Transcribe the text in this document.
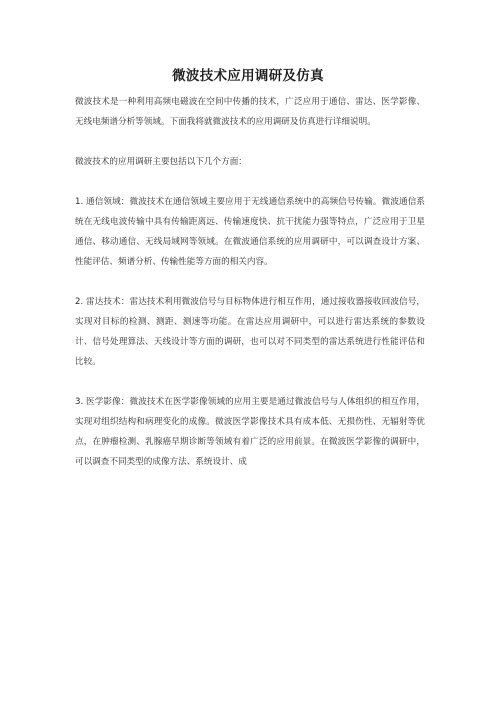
微波技术应用调研及仿真

微波技术是一种利用高频电磁波在空间中传播的技术，广泛应用于通信、雷达、医学影像、无线电频谱分析等领域。下面我将就微波技术的应用调研及仿真进行详细说明。

微波技术的应用调研主要包括以下几个方面：

1. 通信领域：微波技术在通信领域主要应用于无线通信系统中的高频信号传输。微波通信系统在无线电波传输中具有传输距离远、传输速度快、抗干扰能力强等特点，广泛应用于卫星通信、移动通信、无线局域网等领域。在微波通信系统的应用调研中，可以调查设计方案、性能评估、频谱分析、传输性能等方面的相关内容。

2. 雷达技术：雷达技术利用微波信号与目标物体进行相互作用，通过接收器接收回波信号，实现对目标的检测、测距、测速等功能。在雷达应用调研中，可以进行雷达系统的参数设计、信号处理算法、天线设计等方面的调研，也可以对不同类型的雷达系统进行性能评估和比较。

3. 医学影像：微波技术在医学影像领域的应用主要是通过微波信号与人体组织的相互作用，实现对组织结构和病理变化的成像。微波医学影像技术具有成本低、无损伤性、无辐射等优点，在肿瘤检测、乳腺癌早期诊断等领域有着广泛的应用前景。在微波医学影像的调研中，可以调查不同类型的成像方法、系统设计、成
